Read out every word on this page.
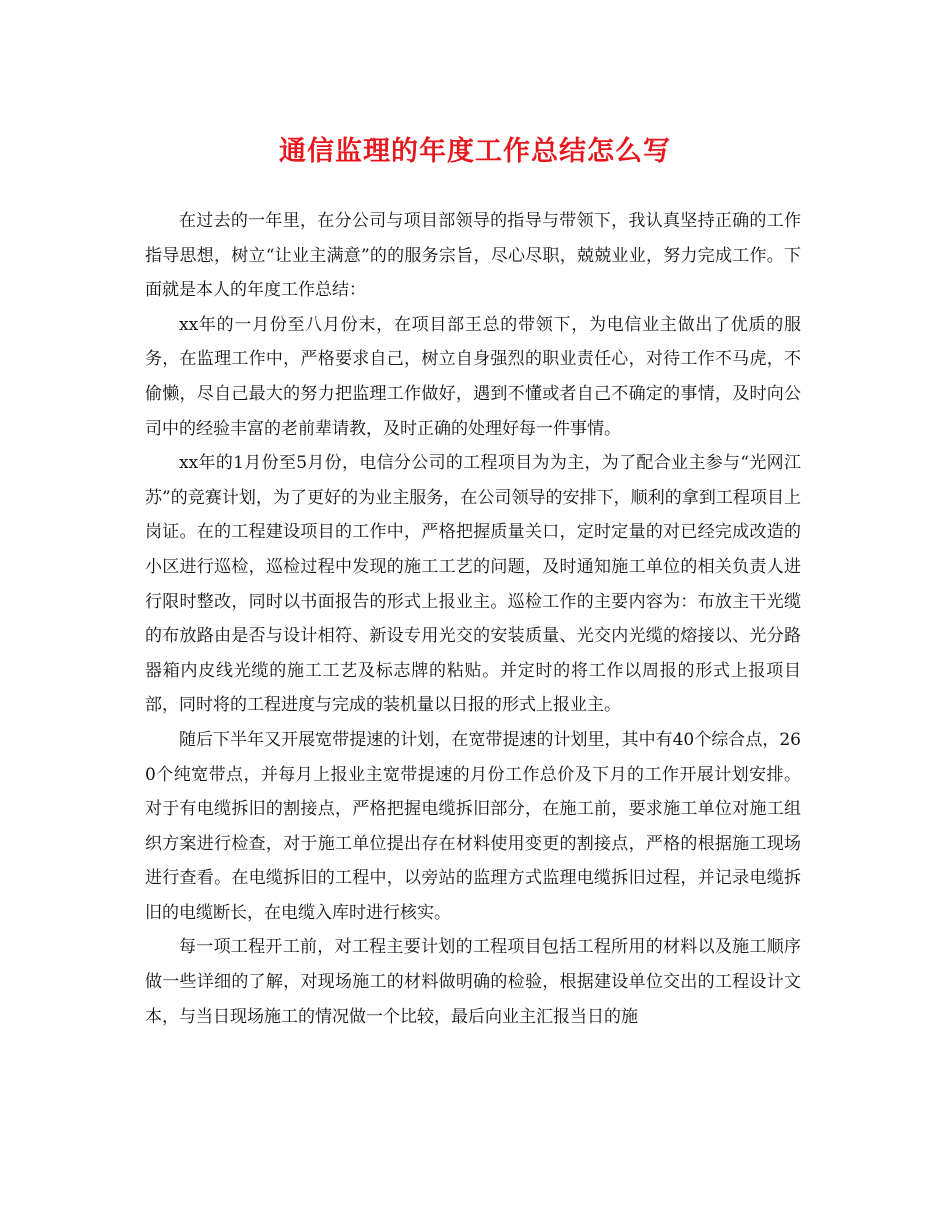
通信监理的年度工作总结怎么写

在过去的一年里，在分公司与项目部领导的指导与带领下，我认真坚持正确的工作指导思想，树立“让业主满意”的的服务宗旨，尽心尽职，兢兢业业，努力完成工作。下面就是本人的年度工作总结：

xx年的一月份至八月份末，在项目部王总的带领下，为电信业主做出了优质的服务，在监理工作中，严格要求自己，树立自身强烈的职业责任心，对待工作不马虎，不偷懒，尽自己最大的努力把监理工作做好，遇到不懂或者自己不确定的事情，及时向公司中的经验丰富的老前辈请教，及时正确的处理好每一件事情。

xx年的1月份至5月份，电信分公司的工程项目为为主，为了配合业主参与“光网江苏”的竞赛计划，为了更好的为业主服务，在公司领导的安排下，顺利的拿到工程项目上岗证。在的工程建设项目的工作中，严格把握质量关口，定时定量的对已经完成改造的小区进行巡检，巡检过程中发现的施工工艺的问题，及时通知施工单位的相关负责人进行限时整改，同时以书面报告的形式上报业主。巡检工作的主要内容为：布放主干光缆的布放路由是否与设计相符、新设专用光交的安装质量、光交内光缆的熔接以、光分路器箱内皮线光缆的施工工艺及标志牌的粘贴。并定时的将工作以周报的形式上报项目部，同时将的工程进度与完成的装机量以日报的形式上报业主。

随后下半年又开展宽带提速的计划，在宽带提速的计划里，其中有40个综合点，260个纯宽带点，并每月上报业主宽带提速的月份工作总价及下月的工作开展计划安排。对于有电缆拆旧的割接点，严格把握电缆拆旧部分，在施工前，要求施工单位对施工组织方案进行检查，对于施工单位提出存在材料使用变更的割接点，严格的根据施工现场进行查看。在电缆拆旧的工程中，以旁站的监理方式监理电缆拆旧过程，并记录电缆拆旧的电缆断长，在电缆入库时进行核实。

每一项工程开工前，对工程主要计划的工程项目包括工程所用的材料以及施工顺序做一些详细的了解，对现场施工的材料做明确的检验，根据建设单位交出的工程设计文本，与当日现场施工的情况做一个比较，最后向业主汇报当日的施
